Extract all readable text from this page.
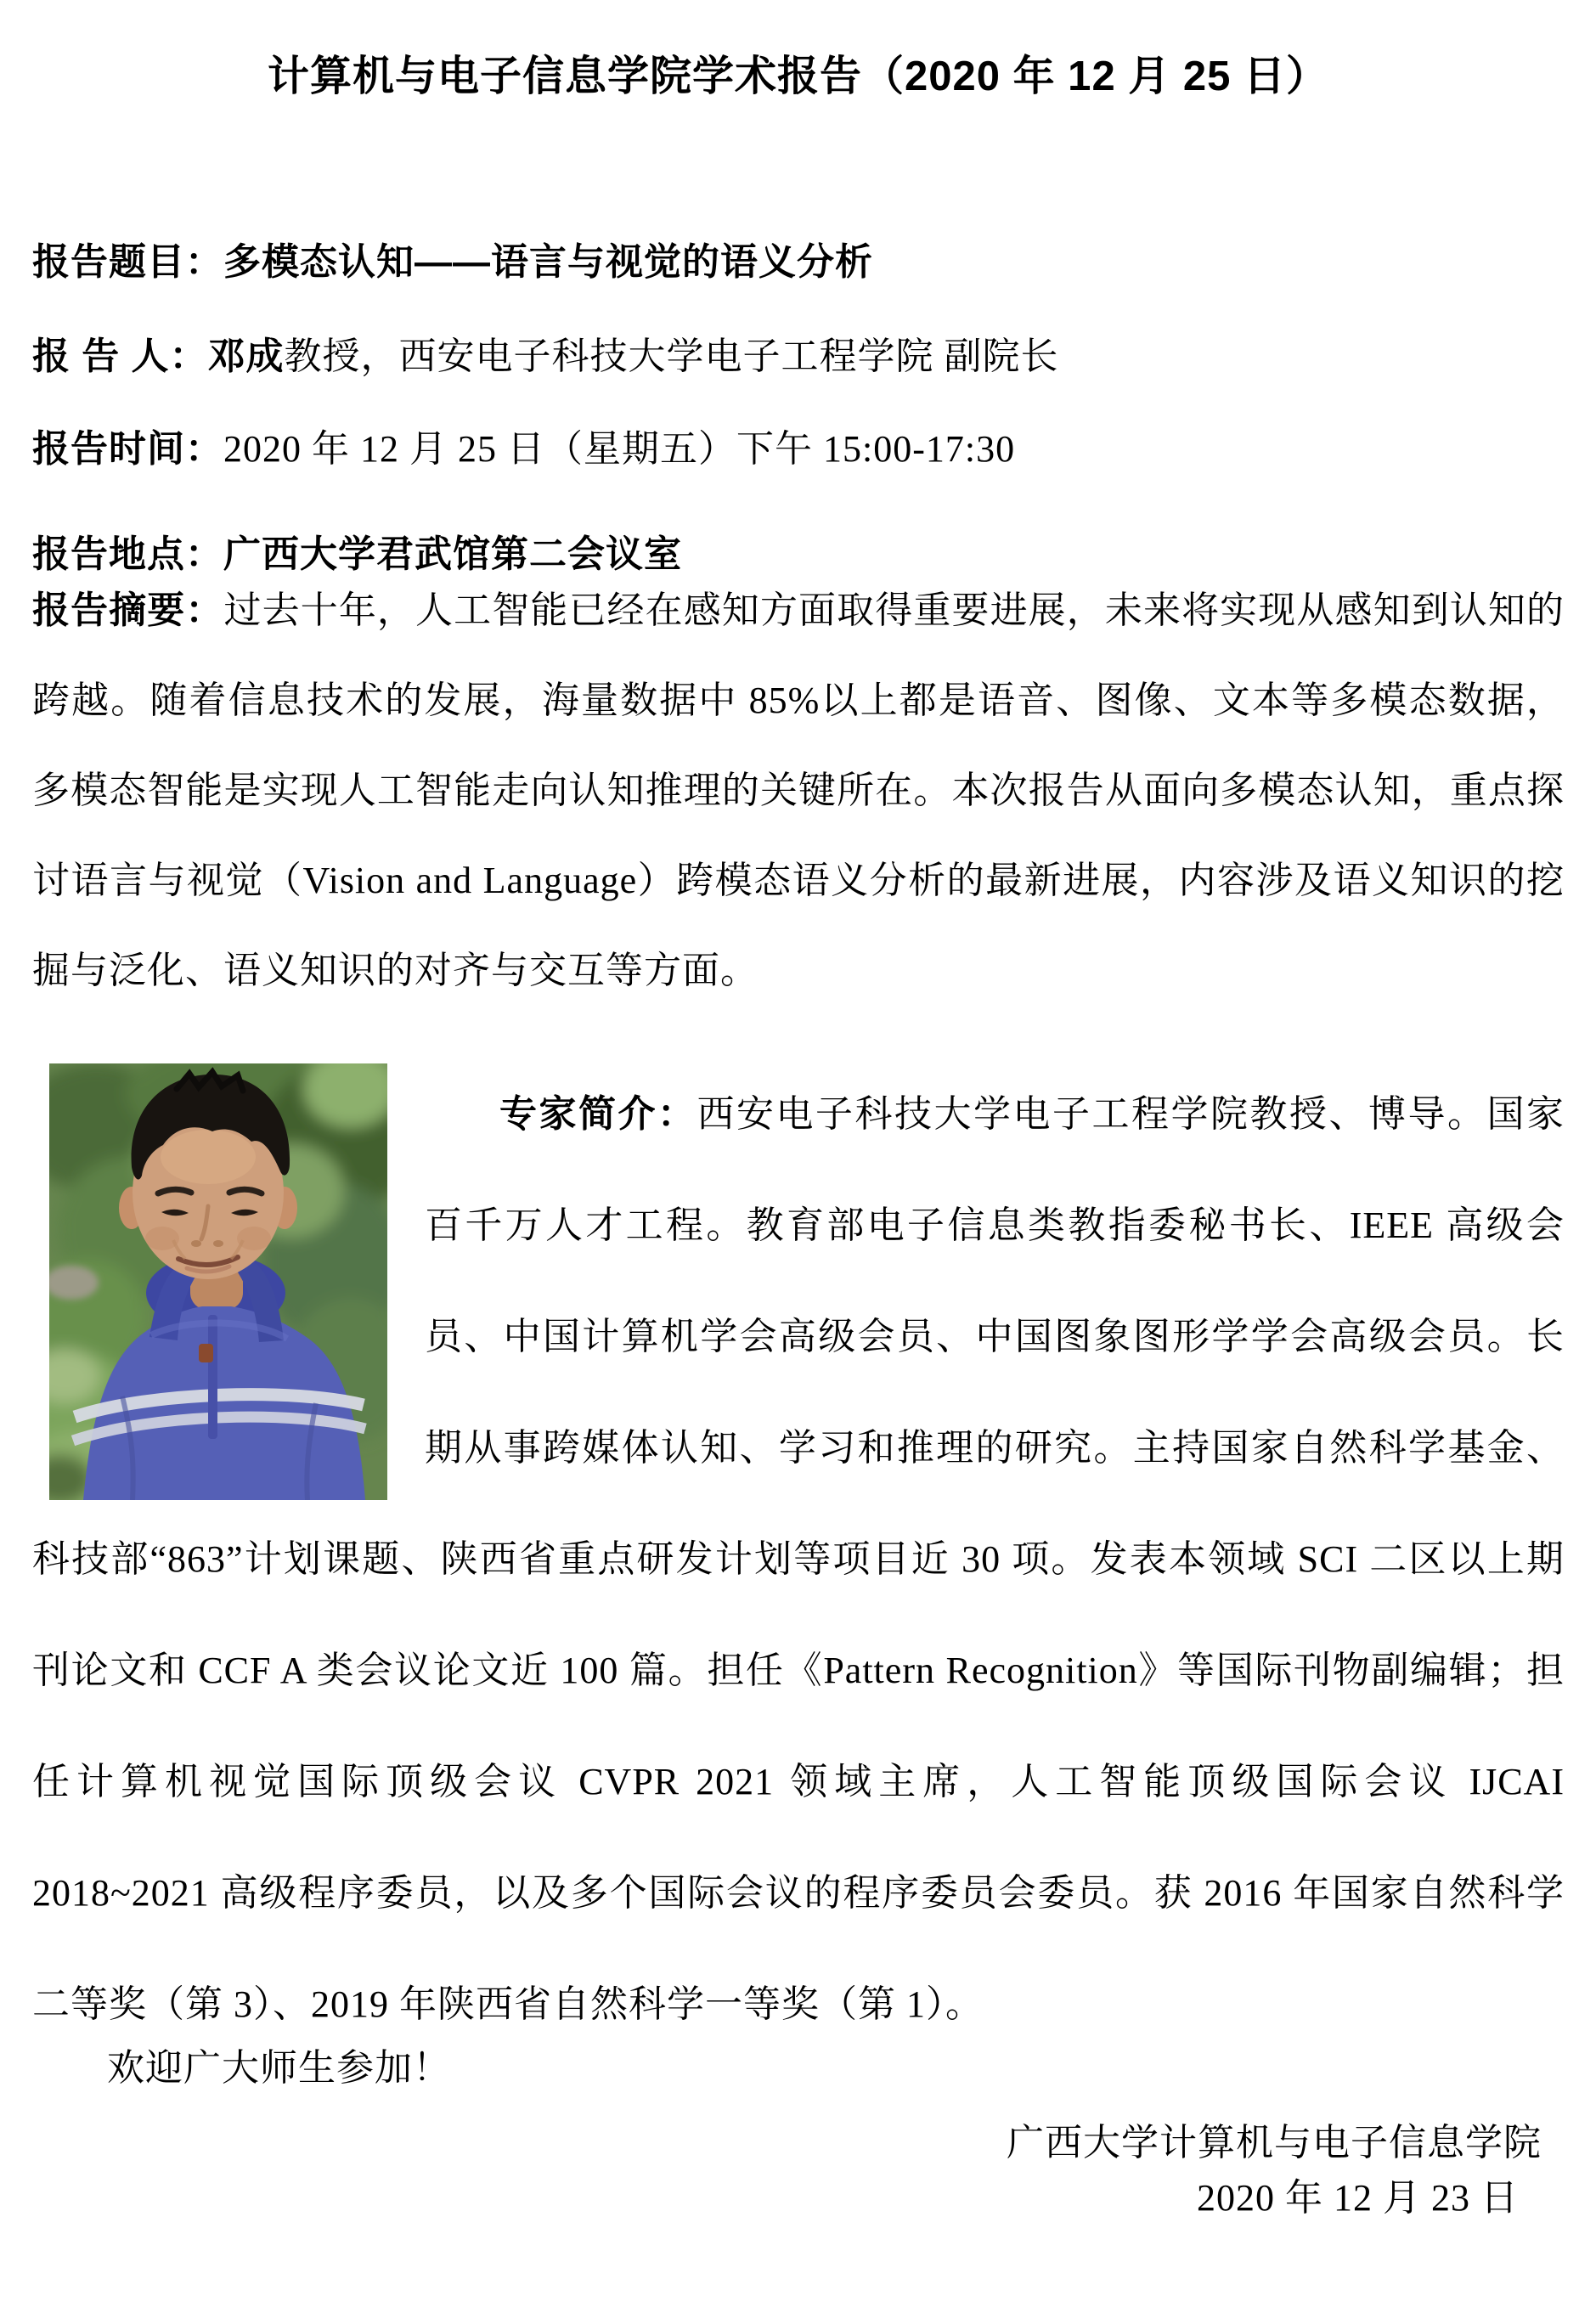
计算机与电子信息学院学术报告（2020 年 12 月 25 日）
报告题目：多模态认知——语言与视觉的语义分析
报 告 人：邓成教授，西安电子科技大学电子工程学院 副院长
报告时间：2020 年 12 月 25 日（星期五）下午 15:00-17:30
报告地点：广西大学君武馆第二会议室

报告摘要：过去十年，人工智能已经在感知方面取得重要进展，未来将实现从感知到认知的跨越。随着信息技术的发展，海量数据中 85%以上都是语音、图像、文本等多模态数据，多模态智能是实现人工智能走向认知推理的关键所在。本次报告从面向多模态认知，重点探讨语言与视觉（Vision and Language）跨模态语义分析的最新进展，内容涉及语义知识的挖掘与泛化、语义知识的对齐与交互等方面。

专家简介：西安电子科技大学电子工程学院教授、博导。国家百千万人才工程。教育部电子信息类教指委秘书长、IEEE 高级会员、中国计算机学会高级会员、中国图象图形学学会高级会员。长期从事跨媒体认知、学习和推理的研究。主持国家自然科学基金、科技部“863”计划课题、陕西省重点研发计划等项目近 30 项。发表本领域 SCI 二区以上期刊论文和 CCF A 类会议论文近 100 篇。担任《Pattern Recognition》等国际刊物副编辑；担任计算机视觉国际顶级会议 CVPR 2021 领域主席，人工智能顶级国际会议 IJCAI 2018~2021 高级程序委员，以及多个国际会议的程序委员会委员。获 2016 年国家自然科学二等奖（第 3）、2019 年陕西省自然科学一等奖（第 1）。

欢迎广大师生参加！
广西大学计算机与电子信息学院
2020 年 12 月 23 日
